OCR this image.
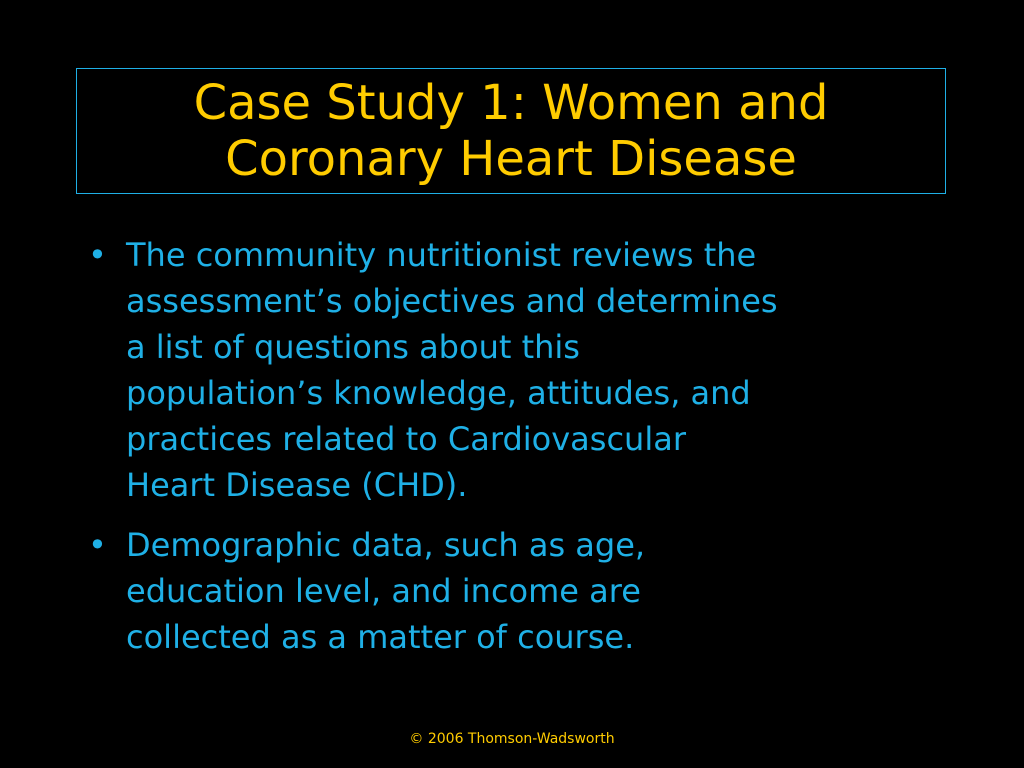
Case Study 1: Women and
Coronary Heart Disease
• The community nutritionist reviews the
assessment’s objectives and determines
a list of questions about this
population’s knowledge, attitudes, and
practices related to Cardiovascular
Heart Disease (CHD).
• Demographic data, such as age,
education level, and income are
collected as a matter of course.
© 2006 Thomson-Wadsworth
